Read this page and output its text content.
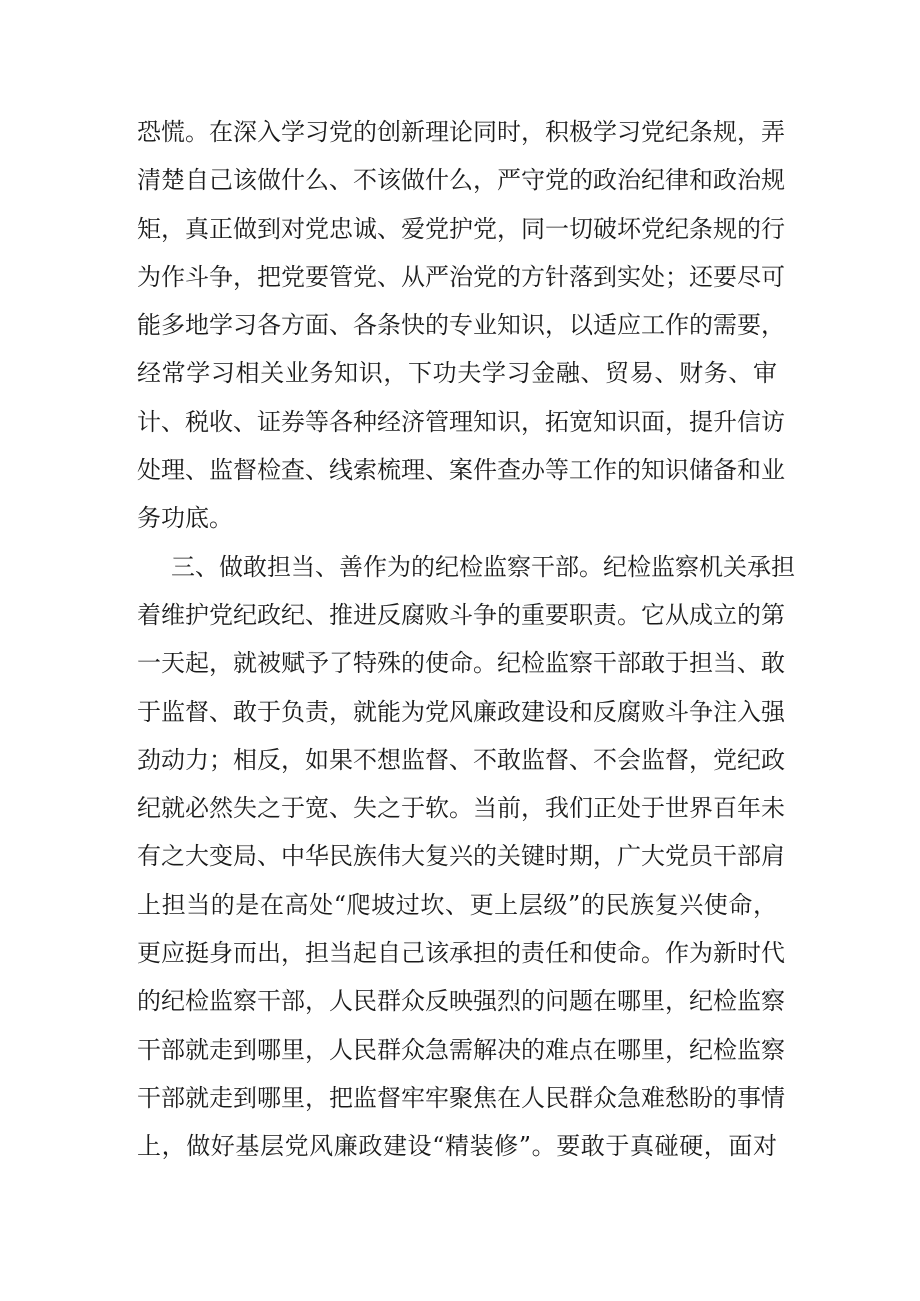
恐慌。在深入学习党的创新理论同时，积极学习党纪条规，弄
清楚自己该做什么、不该做什么，严守党的政治纪律和政治规
矩，真正做到对党忠诚、爱党护党，同一切破坏党纪条规的行
为作斗争，把党要管党、从严治党的方针落到实处；还要尽可
能多地学习各方面、各条快的专业知识，以适应工作的需要，
经常学习相关业务知识，下功夫学习金融、贸易、财务、审
计、税收、证券等各种经济管理知识，拓宽知识面，提升信访
处理、监督检查、线索梳理、案件查办等工作的知识储备和业
务功底。
三、做敢担当、善作为的纪检监察干部。纪检监察机关承担
着维护党纪政纪、推进反腐败斗争的重要职责。它从成立的第
一天起，就被赋予了特殊的使命。纪检监察干部敢于担当、敢
于监督、敢于负责，就能为党风廉政建设和反腐败斗争注入强
劲动力；相反，如果不想监督、不敢监督、不会监督，党纪政
纪就必然失之于宽、失之于软。当前，我们正处于世界百年未
有之大变局、中华民族伟大复兴的关键时期，广大党员干部肩
上担当的是在高处“爬坡过坎、更上层级”的民族复兴使命，
更应挺身而出，担当起自己该承担的责任和使命。作为新时代
的纪检监察干部，人民群众反映强烈的问题在哪里，纪检监察
干部就走到哪里，人民群众急需解决的难点在哪里，纪检监察
干部就走到哪里，把监督牢牢聚焦在人民群众急难愁盼的事情
上，做好基层党风廉政建设“精装修”。要敢于真碰硬，面对
